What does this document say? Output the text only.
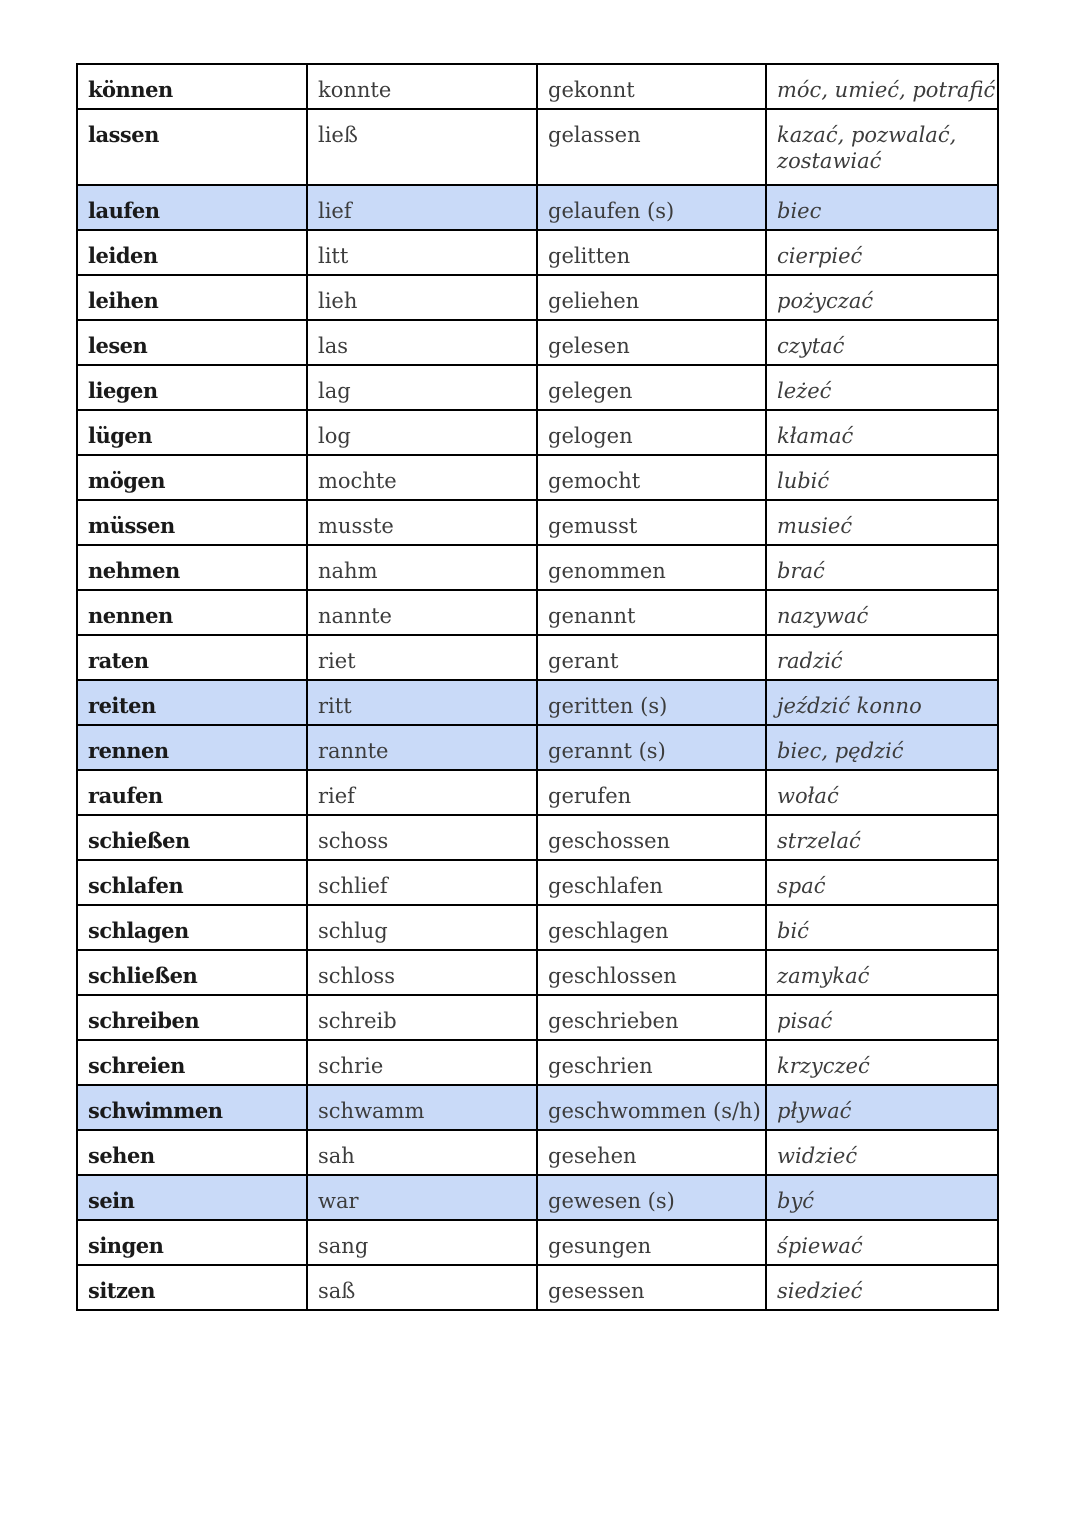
können	konnte	gekonnt	móc, umieć, potrafić
lassen	ließ	gelassen	kazać, pozwalać, zostawiać
laufen	lief	gelaufen (s)	biec
leiden	litt	gelitten	cierpieć
leihen	lieh	geliehen	pożyczać
lesen	las	gelesen	czytać
liegen	lag	gelegen	leżeć
lügen	log	gelogen	kłamać
mögen	mochte	gemocht	lubić
müssen	musste	gemusst	musieć
nehmen	nahm	genommen	brać
nennen	nannte	genannt	nazywać
raten	riet	gerant	radzić
reiten	ritt	geritten (s)	jeździć konno
rennen	rannte	gerannt (s)	biec, pędzić
raufen	rief	gerufen	wołać
schießen	schoss	geschossen	strzelać
schlafen	schlief	geschlafen	spać
schlagen	schlug	geschlagen	bić
schließen	schloss	geschlossen	zamykać
schreiben	schreib	geschrieben	pisać
schreien	schrie	geschrien	krzyczeć
schwimmen	schwamm	geschwommen (s/h)	pływać
sehen	sah	gesehen	widzieć
sein	war	gewesen (s)	być
singen	sang	gesungen	śpiewać
sitzen	saß	gesessen	siedzieć
